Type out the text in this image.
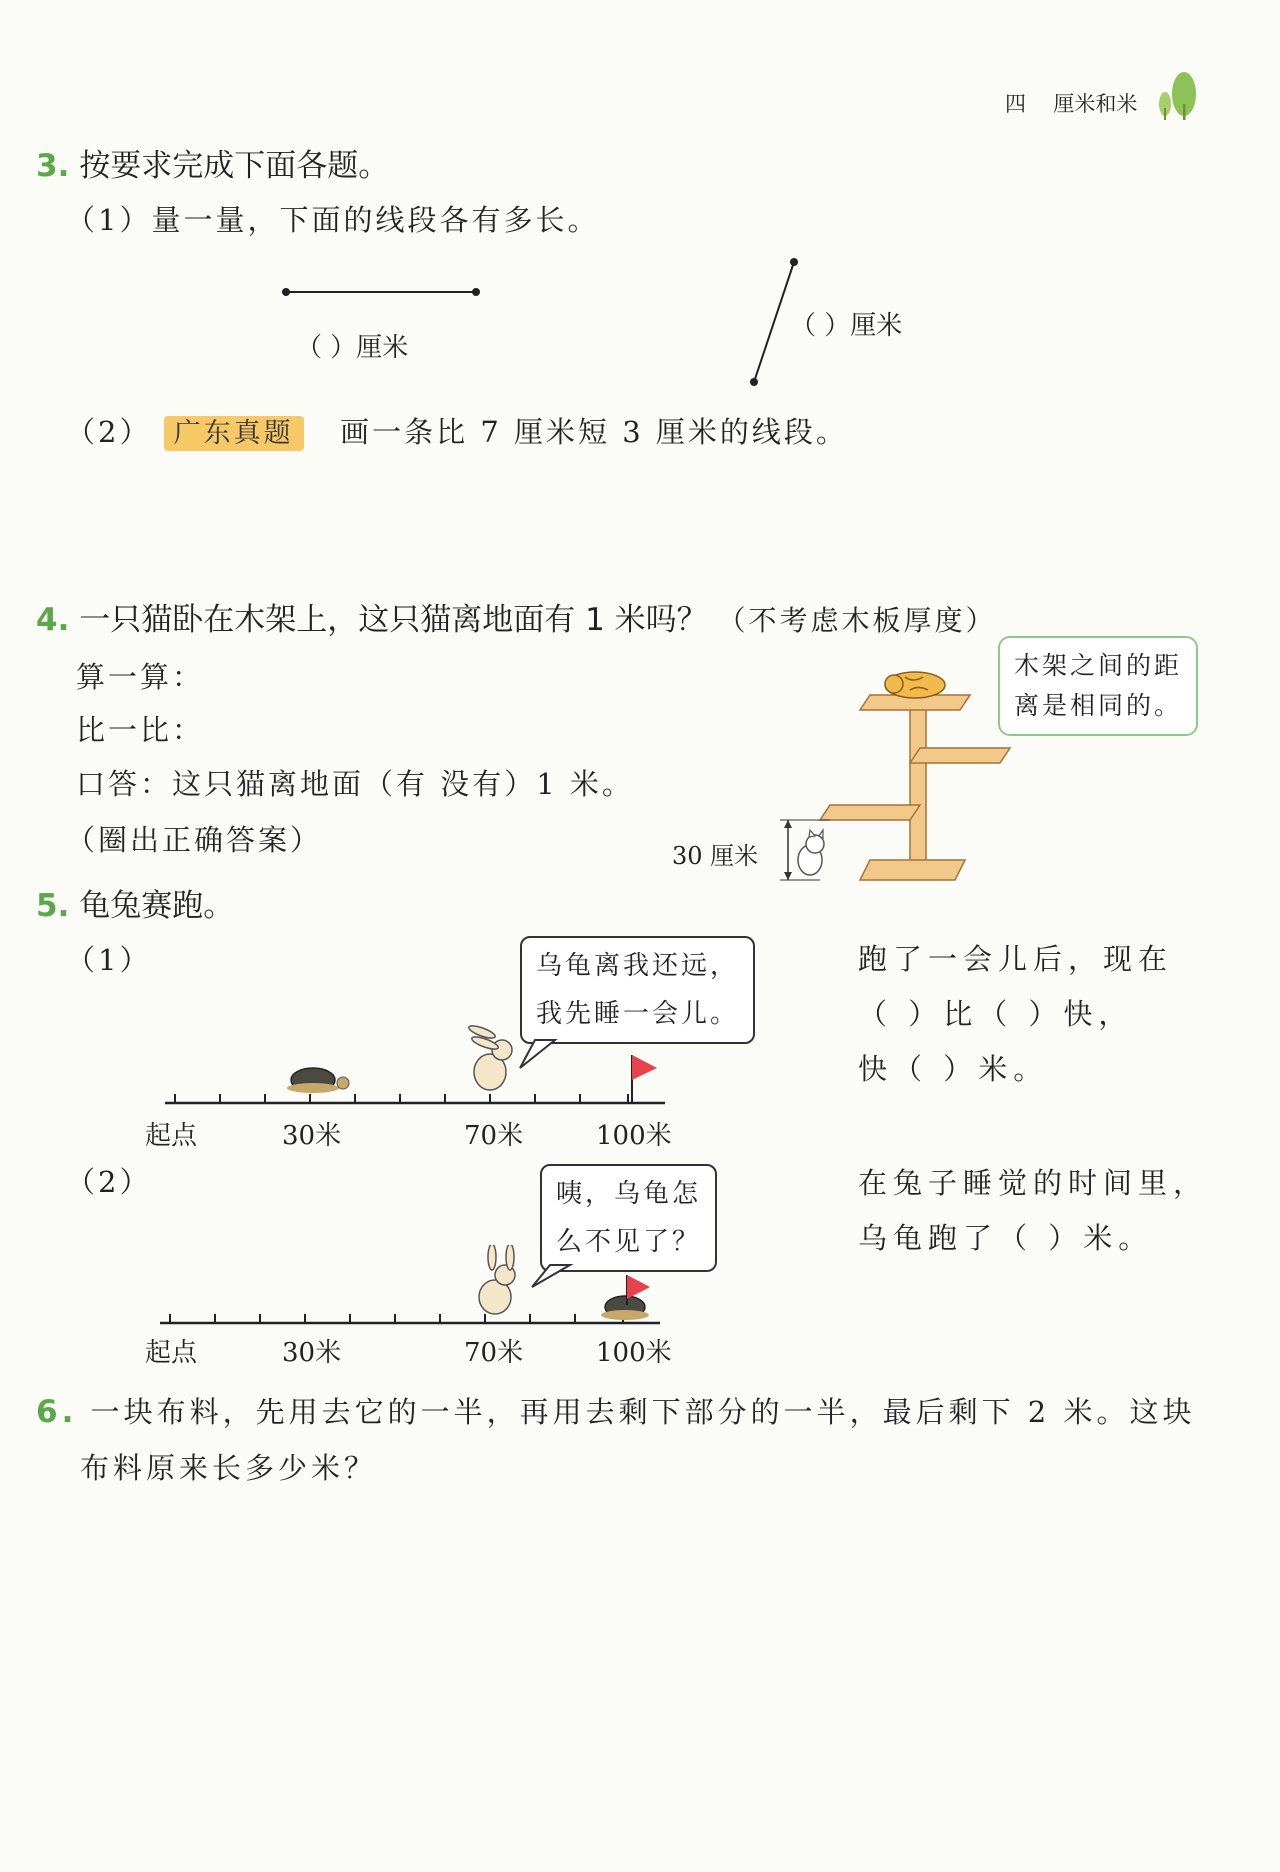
四 厘米和米
3. 按要求完成下面各题。
（1）量一量，下面的线段各有多长。
（ ）厘米
（ ）厘米
（2） 广东真题 画一条比 7 厘米短 3 厘米的线段。
4. 一只猫卧在木架上，这只猫离地面有 1 米吗？ （不考虑木板厚度）
算一算：
比一比：
口答：这只猫离地面（有 没有）1 米。
（圈出正确答案）	30 厘米
木架之间的距
离是相同的。
5. 龟兔赛跑。
（1）	乌龟离我还远，
我先睡一会儿。
起点	30米	70米	100米
跑了一会儿后，现在
（ ）比（ ）快，
快（ ）米。
（2）	咦，乌龟怎
么不见了？
起点	30米	70米	100米
在兔子睡觉的时间里，
乌龟跑了（ ）米。
6. 一块布料，先用去它的一半，再用去剩下部分的一半，最后剩下 2 米。这块
布料原来长多少米？
